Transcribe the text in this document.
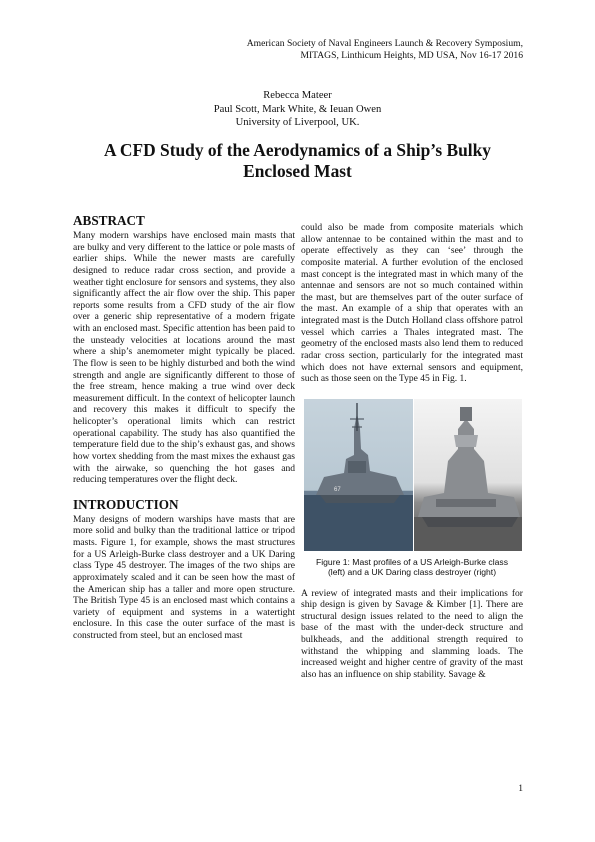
American Society of Naval Engineers Launch & Recovery Symposium,
MITAGS, Linthicum Heights, MD USA, Nov 16-17 2016
Rebecca Mateer
Paul Scott, Mark White, & Ieuan Owen
University of Liverpool, UK.
A CFD Study of the Aerodynamics of a Ship’s Bulky
Enclosed Mast
ABSTRACT

Many modern warships have enclosed main masts that are bulky and very different to the lattice or pole masts of earlier ships. While the newer masts are carefully designed to reduce radar cross section, and provide a weather tight enclosure for sensors and systems, they also significantly affect the air flow over the ship. This paper reports some results from a CFD study of the air flow over a generic ship representative of a modern frigate with an enclosed mast. Specific attention has been paid to the unsteady velocities at locations around the mast where a ship’s anemometer might typically be placed. The flow is seen to be highly disturbed and both the wind strength and angle are significantly different to those of the free stream, hence making a true wind over deck measurement difficult. In the context of helicopter launch and recovery this makes it difficult to specify the helicopter’s operational limits which can restrict operational capability. The study has also quantified the temperature field due to the ship’s exhaust gas, and shows how vortex shedding from the mast mixes the exhaust gas with the airwake, so quenching the hot gases and reducing temperatures over the flight deck.

INTRODUCTION

Many designs of modern warships have masts that are more solid and bulky than the traditional lattice or tripod masts. Figure 1, for example, shows the mast structures for a US Arleigh-Burke class destroyer and a UK Daring class Type 45 destroyer. The images of the two ships are approximately scaled and it can be seen how the mast of the American ship has a taller and more open structure. The British Type 45 is an enclosed mast which contains a variety of equipment and systems in a watertight enclosure. In this case the outer surface of the mast is constructed from steel, but an enclosed mast

could also be made from composite materials which allow antennae to be contained within the mast and to operate effectively as they can ‘see’ through the composite material. A further evolution of the enclosed mast concept is the integrated mast in which many of the antennae and sensors are not so much contained within the mast, but are themselves part of the outer surface of the mast. An example of a ship that operates with an integrated mast is the Dutch Holland class offshore patrol vessel which carries a Thales integrated mast. The geometry of the enclosed masts also lend them to reduced radar cross section, particularly for the integrated mast which does not have external sensors and equipment, such as those seen on the Type 45 in Fig. 1.

67
Figure 1: Mast profiles of a US Arleigh-Burke class (left) and a UK Daring class destroyer (right)

A review of integrated masts and their implications for ship design is given by Savage & Kimber [1]. There are structural design issues related to the need to align the base of the mast with the under-deck structure and bulkheads, and the additional strength required to withstand the whipping and slamming loads. The increased weight and higher centre of gravity of the mast also has an influence on ship stability. Savage &

1
